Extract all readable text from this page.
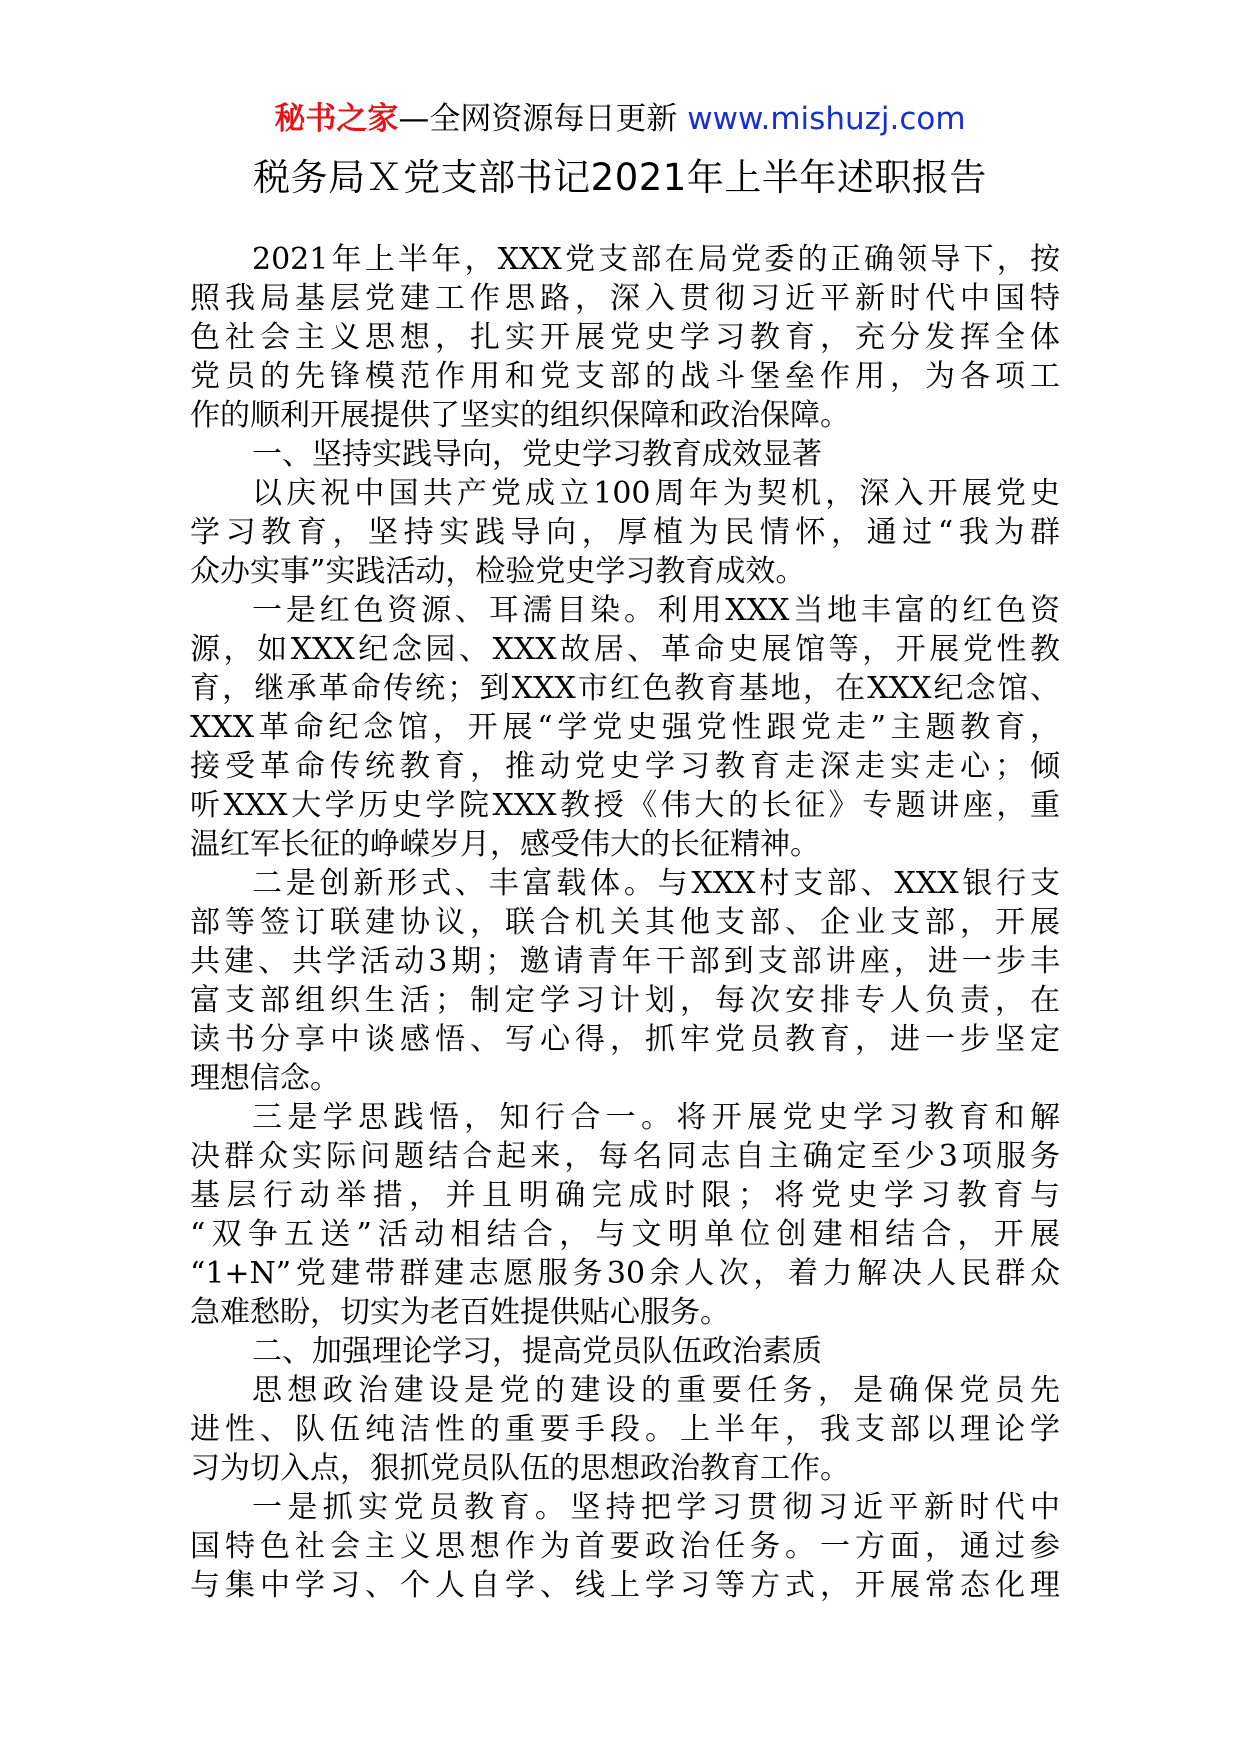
秘书之家—全网资源每日更新 www.mishuzj.com
税务局Ｘ党支部书记2021年上半年述职报告
2021年上半年，XXX党支部在局党委的正确领导下，按
照我局基层党建工作思路，深入贯彻习近平新时代中国特
色社会主义思想，扎实开展党史学习教育，充分发挥全体
党员的先锋模范作用和党支部的战斗堡垒作用，为各项工
作的顺利开展提供了坚实的组织保障和政治保障。
一、坚持实践导向，党史学习教育成效显著
以庆祝中国共产党成立100周年为契机，深入开展党史
学习教育，坚持实践导向，厚植为民情怀，通过“我为群
众办实事”实践活动，检验党史学习教育成效。
一是红色资源、耳濡目染。利用XXX当地丰富的红色资
源，如XXX纪念园、XXX故居、革命史展馆等，开展党性教
育，继承革命传统；到XXX市红色教育基地，在XXX纪念馆、
XXX革命纪念馆，开展“学党史强党性跟党走”主题教育，
接受革命传统教育，推动党史学习教育走深走实走心；倾
听XXX大学历史学院XXX教授《伟大的长征》专题讲座，重
温红军长征的峥嵘岁月，感受伟大的长征精神。
二是创新形式、丰富载体。与XXX村支部、XXX银行支
部等签订联建协议，联合机关其他支部、企业支部，开展
共建、共学活动3期；邀请青年干部到支部讲座，进一步丰
富支部组织生活；制定学习计划，每次安排专人负责，在
读书分享中谈感悟、写心得，抓牢党员教育，进一步坚定
理想信念。
三是学思践悟，知行合一。将开展党史学习教育和解
决群众实际问题结合起来，每名同志自主确定至少3项服务
基层行动举措，并且明确完成时限；将党史学习教育与
“双争五送”活动相结合，与文明单位创建相结合，开展
“1+N”党建带群建志愿服务30余人次，着力解决人民群众
急难愁盼，切实为老百姓提供贴心服务。
二、加强理论学习，提高党员队伍政治素质
思想政治建设是党的建设的重要任务，是确保党员先
进性、队伍纯洁性的重要手段。上半年，我支部以理论学
习为切入点，狠抓党员队伍的思想政治教育工作。
一是抓实党员教育。坚持把学习贯彻习近平新时代中
国特色社会主义思想作为首要政治任务。一方面，通过参
与集中学习、个人自学、线上学习等方式，开展常态化理
